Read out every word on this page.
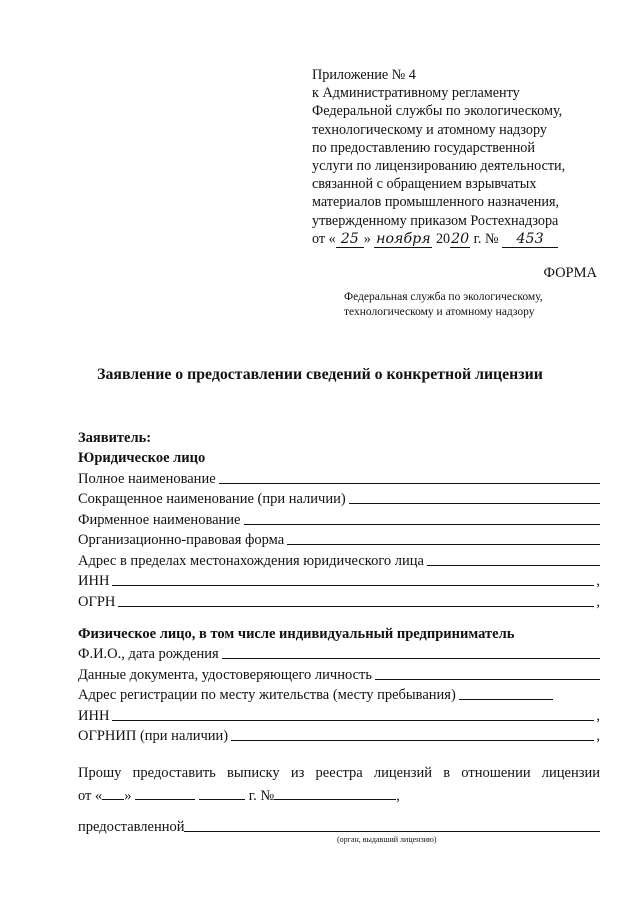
Приложение № 4
к Административному регламенту
Федеральной службы по экологическому,
технологическому и атомному надзору
по предоставлению государственной
услуги по лицензированию деятельности,
связанной с обращением взрывчатых
материалов промышленного назначения,
утвержденному приказом Ростехнадзора
от « 25 » ноября 2020 г. № 453
ФОРМА
Федеральная служба по экологическому,
технологическому и атомному надзору
Заявление о предоставлении сведений о конкретной лицензии
Заявитель:
Юридическое лицо
Полное наименование
Сокращенное наименование (при наличии)
Фирменное наименование
Организационно-правовая форма
Адрес в пределах местонахождения юридического лица
ИНН	,
ОГРН	,
Физическое лицо, в том числе индивидуальный предприниматель
Ф.И.О., дата рождения
Данные документа, удостоверяющего личность
Адрес регистрации по месту жительства (месту пребывания)
ИНН	,
ОГРНИП (при наличии)	,
Прошу предоставить выписку из реестра лицензий в отношении лицензии
от « »	г. №	,
предоставленной
(орган, выдавший лицензию)
